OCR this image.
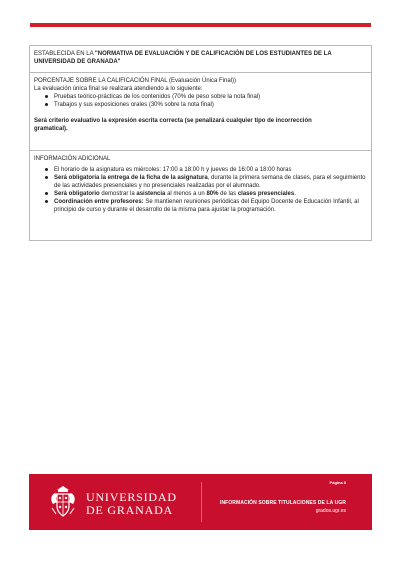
ESTABLECIDA EN LA "NORMATIVA DE EVALUACIÓN Y DE CALIFICACIÓN DE LOS ESTUDIANTES DE LA
UNIVERSIDAD DE GRANADA"
PORCENTAJE SOBRE LA CALIFICACIÓN FINAL (Evaluación Única Final))
La evaluación única final se realizará atendiendo a lo siguiente:
Pruebas teórico-prácticas de los contenidos (70% de peso sobre la nota final)
Trabajos y sus exposiciones orales (30% sobre la nota final)
Será criterio evaluativo la expresión escrita correcta (se penalizará cualquier tipo de incorrección
gramatical).
INFORMACIÓN ADICIONAL
El horario de la asignatura es miércoles: 17:00 a 18:00 h y jueves de 16:00 a 18:00 horas
Será obligatoria la entrega de la ficha de la asignatura, durante la primera semana de clases, para el seguimiento de las actividades presenciales y no presenciales realizadas por el alumnado.
Será obligatorio demostrar la asistencia al menos a un 80% de las clases presenciales.
Coordinación entre profesores: Se mantienen reuniones periódicas del Equipo Docente de Educación Infantil, al principio de curso y durante el desarrollo de la misma para ajustar la programación.
UNIVERSIDAD
DE GRANADA
Página 8
INFORMACIÓN SOBRE TITULACIONES DE LA UGR
grados.ugr.es
